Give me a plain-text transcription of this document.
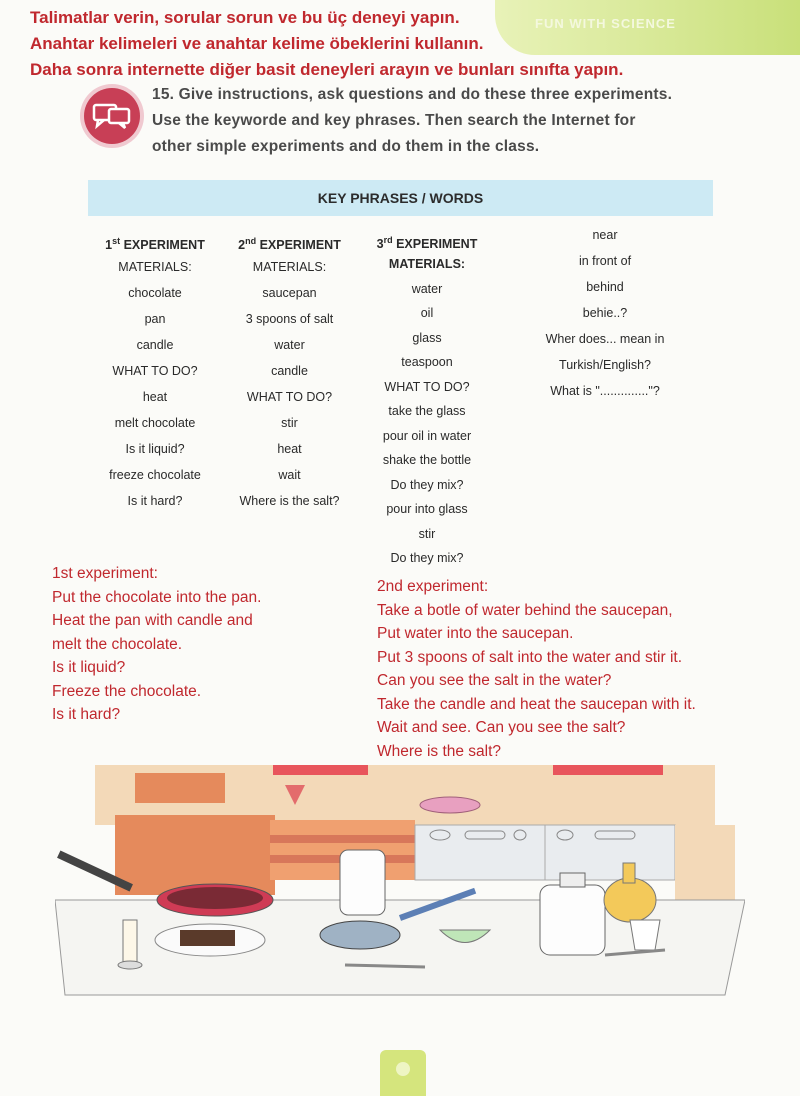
FUN WITH SCIENCE
Talimatlar verin, sorular sorun ve bu üç deneyi yapın.
Anahtar kelimeleri ve anahtar kelime öbeklerini kullanın.
Daha sonra internette diğer basit deneyleri arayın ve bunları sınıfta yapın.
15. Give instructions, ask questions and do these three experiments.
Use the keyworde and key phrases. Then search the Internet for
other simple experiments and do them in the class.
KEY PHRASES / WORDS
1st EXPERIMENT
MATERIALS:
chocolate
pan
candle
WHAT TO DO?
heat
melt chocolate
Is it liquid?
freeze chocolate
Is it hard?
2nd EXPERIMENT
MATERIALS:
saucepan
3 spoons of salt
water
candle
WHAT TO DO?
stir
heat
wait
Where is the salt?
3rd EXPERIMENT
MATERIALS:
water
oil
glass
teaspoon
WHAT TO DO?
take the glass
pour oil in water
shake the bottle
Do they mix?
pour into glass
stir
Do they mix?
near
in front of
behind
behie..?
Wher does... mean in
Turkish/English?
What is ".............."?
1st experiment:
Put the chocolate into the pan.
Heat the pan with candle and
melt the chocolate.
Is it liquid?
Freeze the chocolate.
Is it hard?
2nd experiment:
Take a botle of water behind the saucepan,
Put water into the saucepan.
Put 3 spoons of salt into the water and stir it.
Can you see the salt in the water?
Take the candle and heat the saucepan with it.
Wait and see. Can you see the salt?
Where is the salt?
